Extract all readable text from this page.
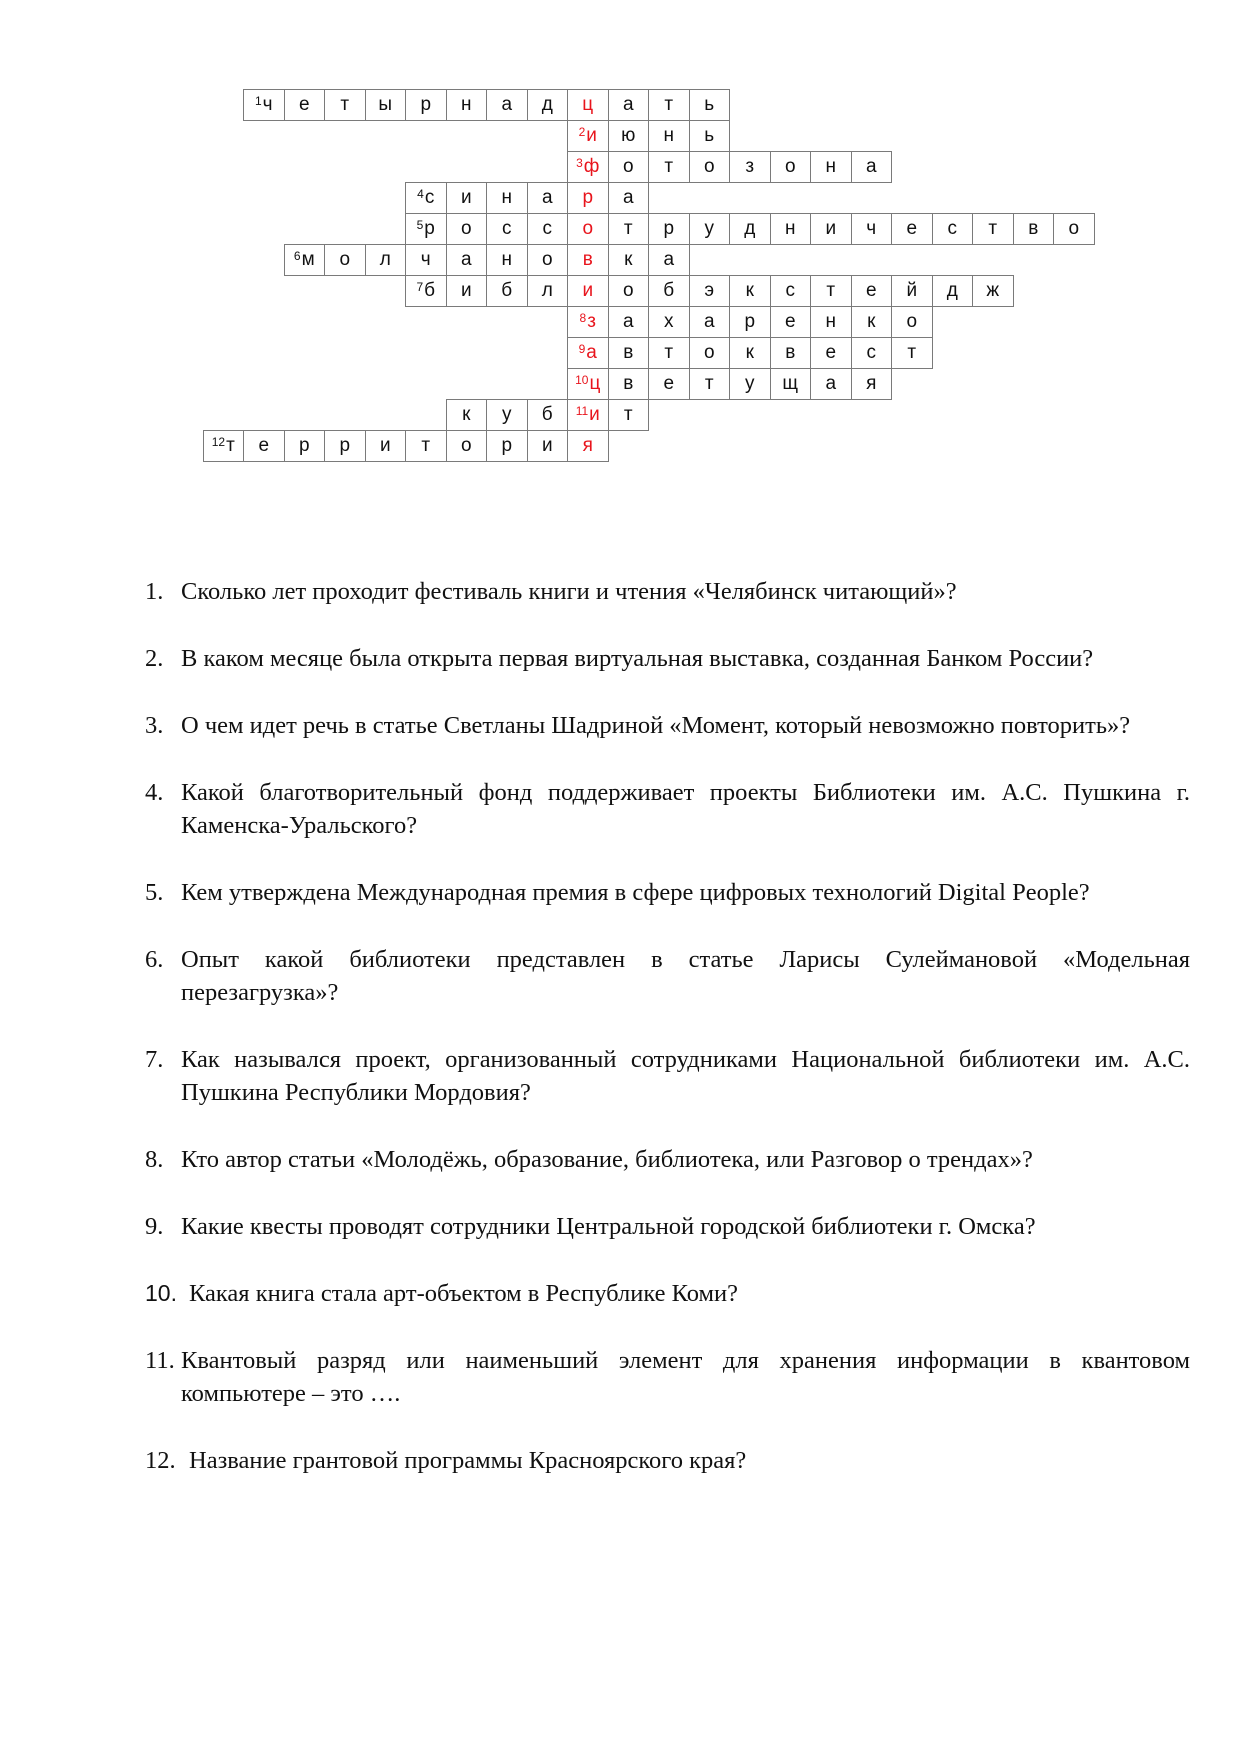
1 ч е т ы р н а д ц а т ь
2 и ю н ь
3 ф о т о з о н а
4 с и н а р а
5 р о с с о т р у д н и ч е с т в о
6 м о л ч а н о в к а
7 б и б л и о б э к с т е й д ж
8 з а х а р е н к о
9 а в т о к в е с т
10 ц в е т у щ а я
к у б 11 и т
12 т е р р и т о р и я
1. Сколько лет проходит фестиваль книги и чтения «Челябинск читающий»?
2. В каком месяце была открыта первая виртуальная выставка, созданная Банком России?
3. О чем идет речь в статье Светланы Шадриной «Момент, который невозможно повторить»?
4. Какой благотворительный фонд поддерживает проекты Библиотеки им. А.С. Пушкина г. Каменска-Уральского?
5. Кем утверждена Международная премия в сфере цифровых технологий Digital People?
6. Опыт какой библиотеки представлен в статье Ларисы Сулеймановой «Модельная перезагрузка»?
7. Как назывался проект, организованный сотрудниками Национальной библиотеки им. А.С. Пушкина Республики Мордовия?
8. Кто автор статьи «Молодёжь, образование, библиотека, или Разговор о трендах»?
9. Какие квесты проводят сотрудники Центральной городской библиотеки г. Омска?
10. Какая книга стала арт-объектом в Республике Коми?
11. Квантовый разряд или наименьший элемент для хранения информации в квантовом компьютере – это ….
12. Название грантовой программы Красноярского края?
